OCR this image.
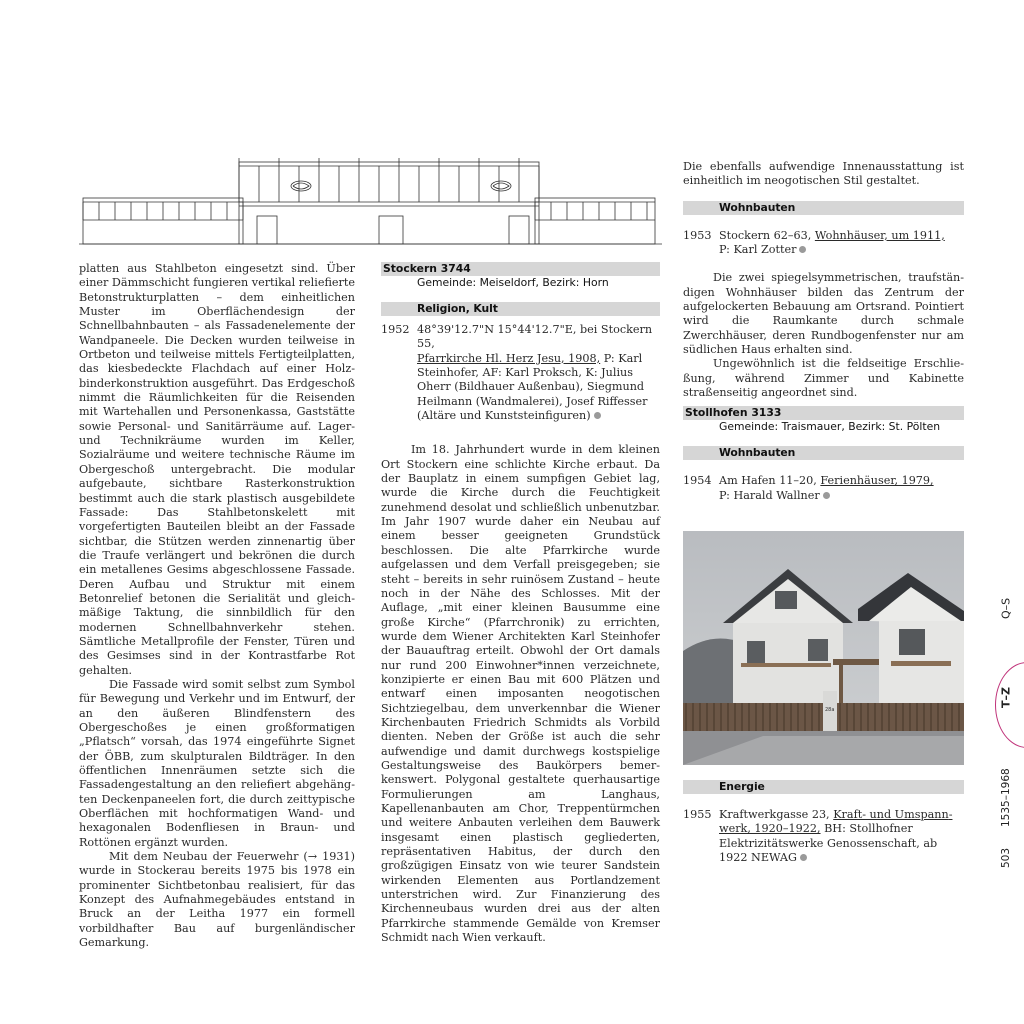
platten aus Stahlbeton eingesetzt sind. Über einer Dämmschicht fungieren vertikal reliefierte Betonstrukturplatten – dem einheitlichen Muster im Oberflächendesign der Schnellbahnbauten – als Fassadenelemente der Wandpaneele. Die Decken wurden teilweise in Ortbeton und teilweise mittels Fertigteilplatten, das kiesbedeckte Flachdach auf einer Holzbinderkonstruktion ausgeführt. Das Erdgeschoß nimmt die Räumlichkeiten für die Reisenden mit Wartehallen und Personenkassa, Gaststätte sowie Personal- und Sanitärräume auf. Lager- und Technikräume wurden im Keller, Sozialräume und weitere technische Räume im Obergeschoß untergebracht. Die modular aufgebaute, sichtbare Rasterkonstruktion bestimmt auch die stark plastisch ausgebildete Fassade: Das Stahlbetonskelett mit vorgefertigten Bauteilen bleibt an der Fassade sichtbar, die Stützen werden zinnenartig über die Traufe verlängert und bekrönen die durch ein metallenes Gesims abgeschlossene Fassade. Deren Aufbau und Struktur mit einem Betonrelief betonen die Serialität und gleichmäßige Taktung, die sinnbildlich für den modernen Schnellbahnverkehr stehen. Sämtliche Metallprofile der Fenster, Türen und des Gesimses sind in der Kontrastfarbe Rot gehalten.

Die Fassade wird somit selbst zum Symbol für Bewegung und Verkehr und im Entwurf, der an den äußeren Blindfenstern des Obergeschoßes je einen großformatigen „Pflatsch“ vorsah, das 1974 eingeführte Signet der ÖBB, zum skulpturalen Bildträger. In den öffentlichen Innenräumen setzte sich die Fassadengestaltung an den reliefiert abgehängten Deckenpaneelen fort, die durch zeittypische Oberflächen mit hochformatigen Wand- und hexagonalen Bodenfliesen in Braun- und Rottönen ergänzt wurden.

Mit dem Neubau der Feuerwehr (→ 1931) wurde in Stockerau bereits 1975 bis 1978 ein prominenter Sichtbetonbau realisiert, für das Konzept des Aufnahmegebäudes entstand in Bruck an der Leitha 1977 ein formell vorbildhafter Bau auf burgenländischer Gemarkung.

Stockern 3744
Gemeinde: Meiseldorf, Bezirk: Horn
Religion, Kult
1952 48°39'12.7"N 15°44'12.7"E, bei Stockern 55,
Pfarrkirche Hl. Herz Jesu, 1908, P: Karl Steinhofer, AF: Karl Proksch, K: Julius Oherr (Bildhauer Außenbau), Siegmund Heilmann (Wandmalerei), Josef Riffesser (Altäre und Kunststeinfiguren)

Im 18. Jahrhundert wurde in dem kleinen Ort Stockern eine schlichte Kirche erbaut. Da der Bauplatz in einem sumpfigen Gebiet lag, wurde die Kirche durch die Feuchtigkeit zunehmend desolat und schließlich unbenutzbar. Im Jahr 1907 wurde daher ein Neubau auf einem besser geeigneten Grundstück beschlossen. Die alte Pfarrkirche wurde aufgelassen und dem Verfall preisgegeben; sie steht – bereits in sehr ruinösem Zustand – heute noch in der Nähe des Schlosses. Mit der Auflage, „mit einer kleinen Bausumme eine große Kirche“ (Pfarrchronik) zu errichten, wurde dem Wiener Architekten Karl Steinhofer der Bauauftrag erteilt. Obwohl der Ort damals nur rund 200 Einwohner*innen verzeichnete, konzipierte er einen Bau mit 600 Plätzen und entwarf einen imposanten neogotischen Sichtziegelbau, dem unverkennbar die Wiener Kirchenbauten Friedrich Schmidts als Vorbild dienten. Neben der Größe ist auch die sehr aufwendige und damit durchwegs kostspielige Gestaltungsweise des Baukörpers bemerkenswert. Polygonal gestaltete querhausartige Formulierungen am Langhaus, Kapellenanbauten am Chor, Treppentürmchen und weitere Anbauten verleihen dem Bauwerk insgesamt einen plastisch gegliederten, repräsentativen Habitus, der durch den großzügigen Einsatz von wie teurer Sandstein wirkenden Elementen aus Portlandzement unterstrichen wird. Zur Finanzierung des Kirchenneubaus wurden drei aus der alten Pfarrkirche stammende Gemälde von Kremser Schmidt nach Wien verkauft.

Die ebenfalls aufwendige Innenausstattung ist einheitlich im neogotischen Stil gestaltet.

Wohnbauten
1953 Stockern 62–63, Wohnhäuser, um 1911,
P: Karl Zotter

Die zwei spiegelsymmetrischen, traufständigen Wohnhäuser bilden das Zentrum der aufgelockerten Bebauung am Ortsrand. Pointiert wird die Raumkante durch schmale Zwerchhäuser, deren Rundbogenfenster nur am südlichen Haus erhalten sind.

Ungewöhnlich ist die feldseitige Erschließung, während Zimmer und Kabinette straßenseitig angeordnet sind.

Stollhofen 3133
Gemeinde: Traismauer, Bezirk: St. Pölten
Wohnbauten
1954 Am Hafen 11–20, Ferienhäuser, 1979,
P: Harald Wallner
28a
Energie
1955 Kraftwerkgasse 23, Kraft- und Umspannwerk, 1920–1922, BH: Stollhofner Elektrizitätswerke Genossenschaft, ab 1922 NEWAG
Q–S
T–Z
503
1535–1968
